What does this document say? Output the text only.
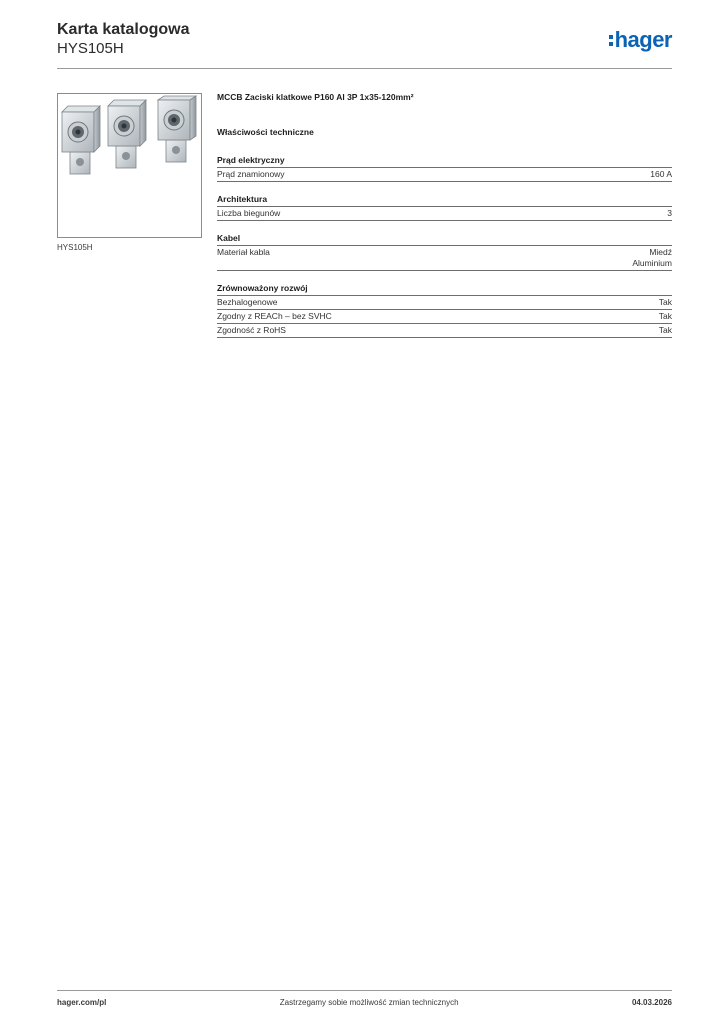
Karta katalogowa

HYS105H	hager
HYS105H

MCCB Zaciski klatkowe P160 Al 3P 1x35-120mm²

Właściwości techniczne

Prąd elektryczny

Prąd znamionowy	160 A

Architektura

Liczba biegunów	3

Kabel

Materiał kabla	Miedź
Aluminium

Zrównoważony rozwój

Bezhalogenowe	Tak
Zgodny z REACh – bez SVHC	Tak
Zgodność z RoHS	Tak
hager.com/pl	Zastrzegamy sobie możliwość zmian technicznych	04.03.2026
